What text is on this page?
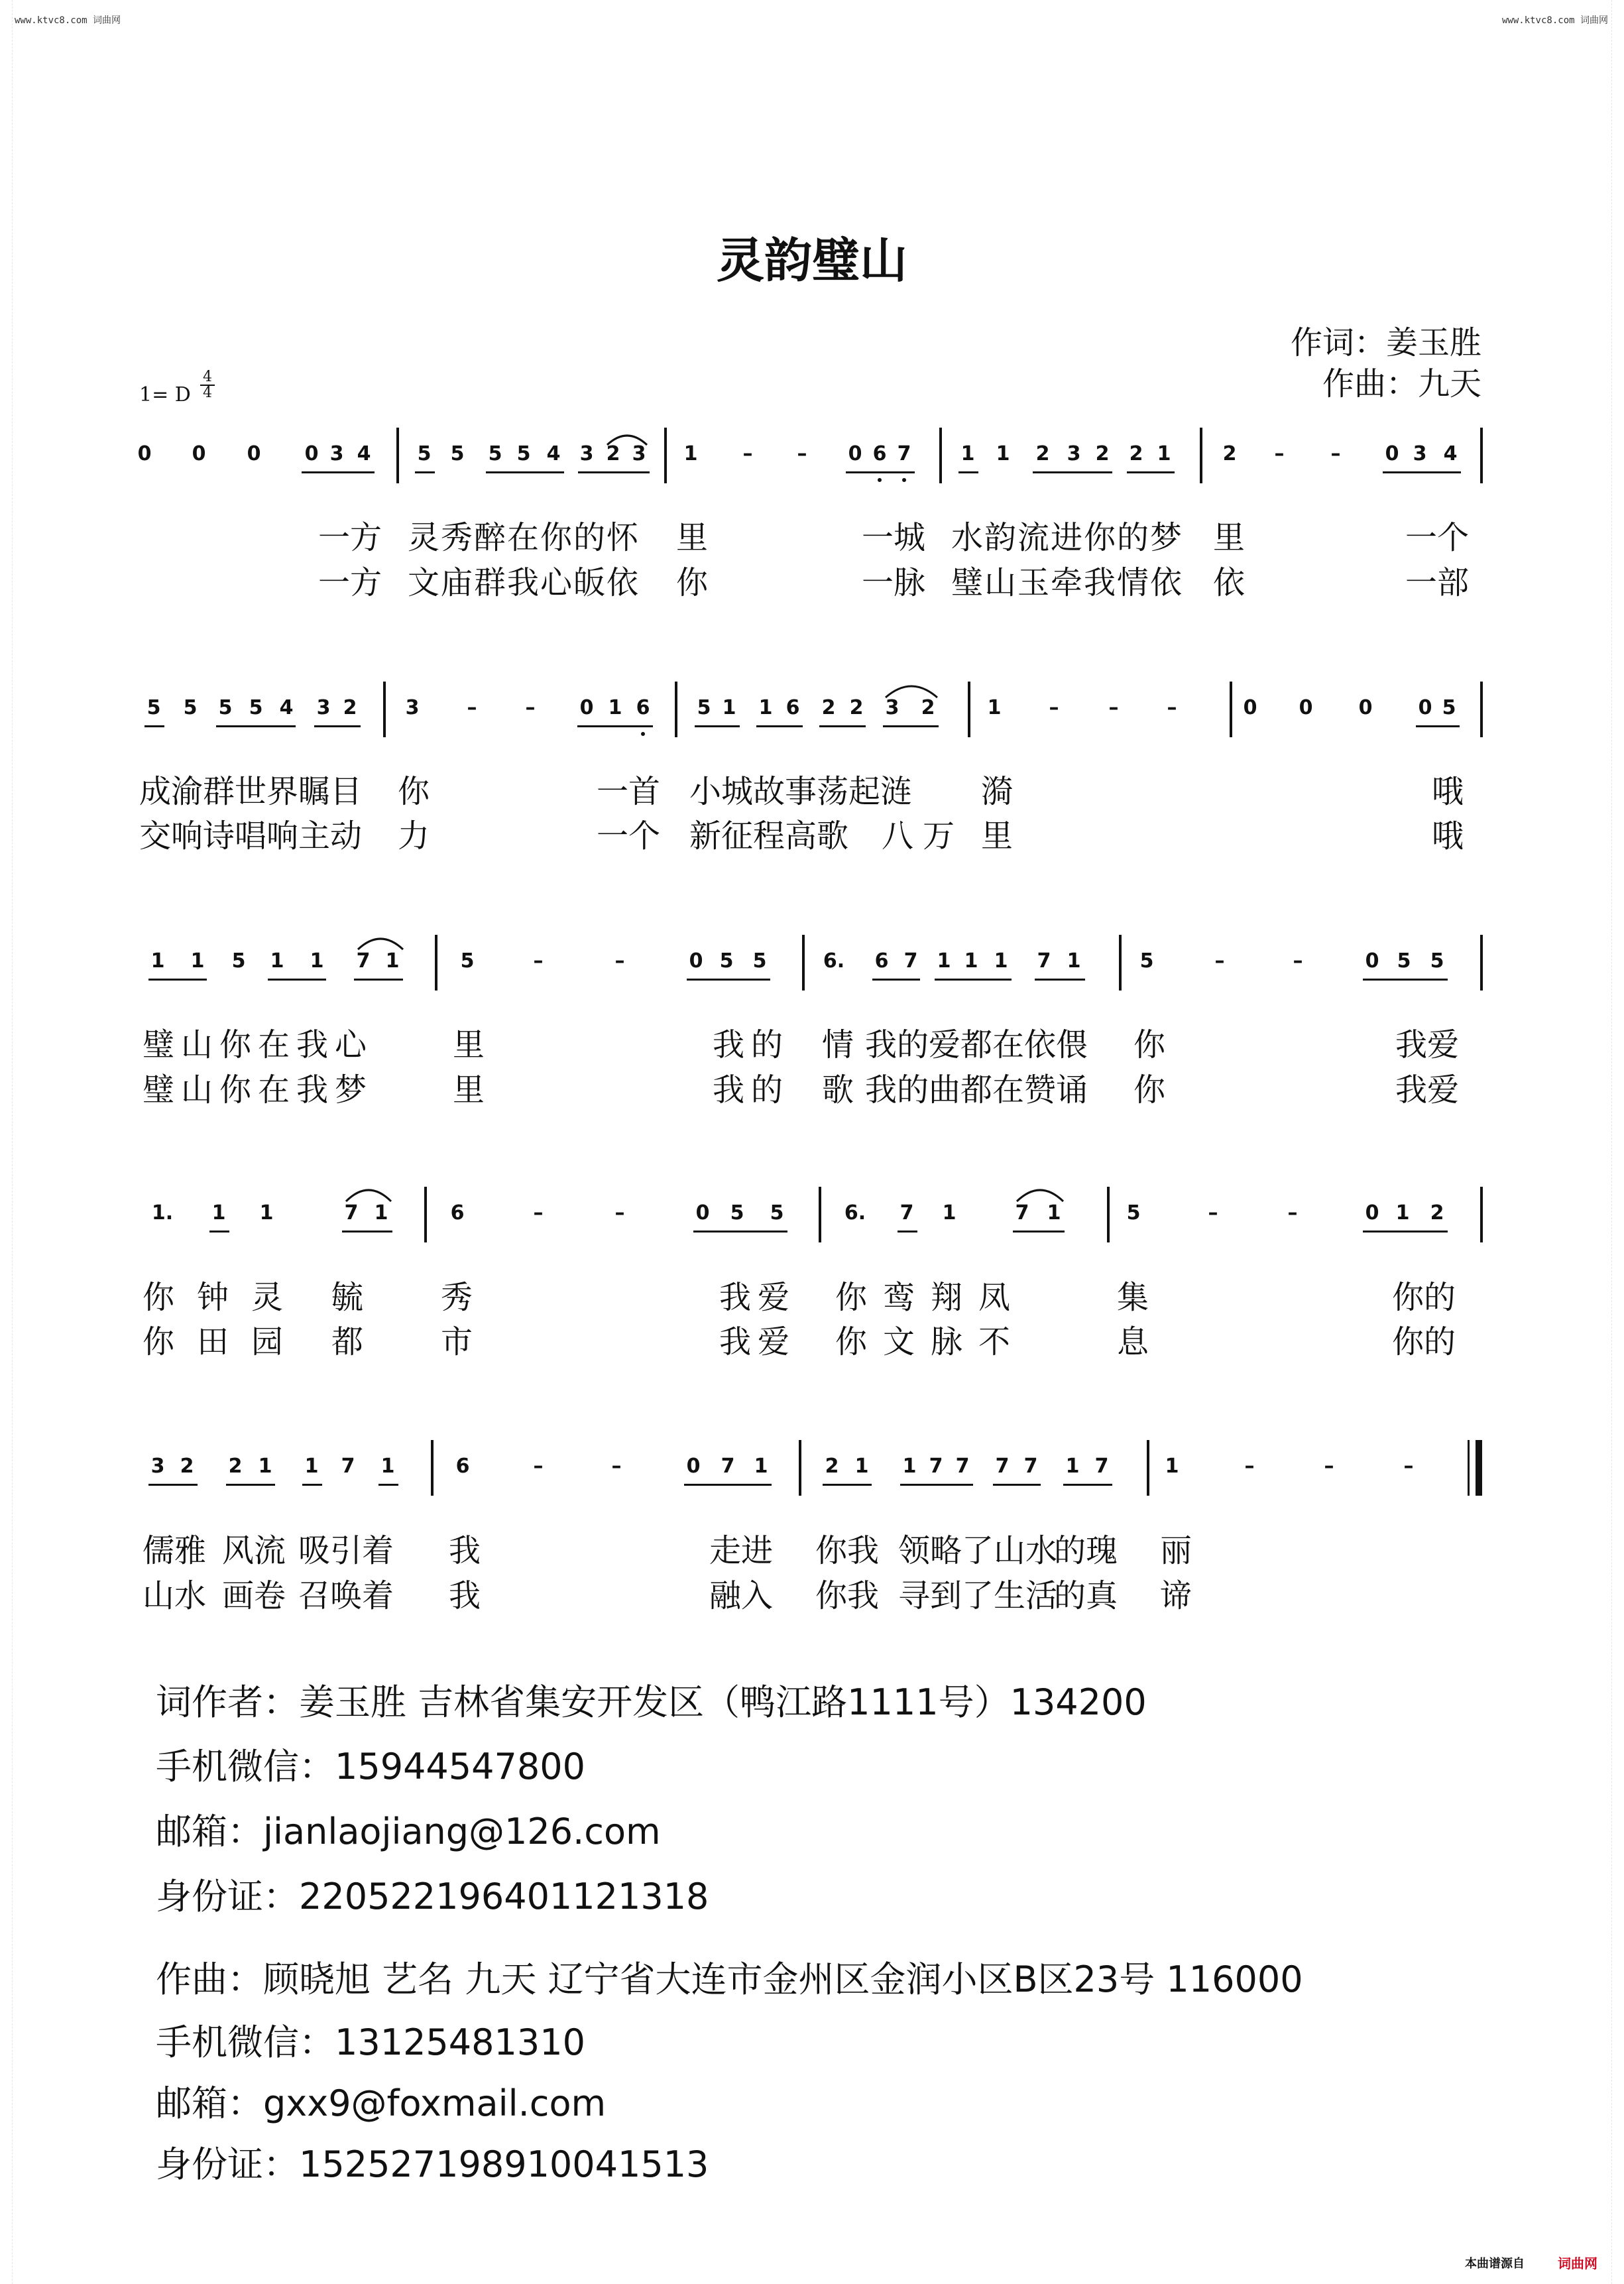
www.ktvc8.com 词曲网	www.ktvc8.com 词曲网
灵韵璧山
作词：姜玉胜
作曲：九天
1= D
4
4
0	0	0	0 3 4	5 5	5 5 4 3 2 3	1	–	–	0 6 7	1	1	2 3 2	2 1	2	–	–	0 3 4
一方 灵秀醉在你的怀 里	一城 水韵流进你的梦 里	一个
一方 文庙群我心皈依 你	一脉 璧山玉牵我情依 依	一部
5	5	5 5 4	3 2	3	–	–	0 1 6	5 1	1 6	2 2	3	2	1	–	–	–	0	0	0	0 5
成渝群世界瞩目 你	一首 小城故事荡起涟 漪	哦
交响诗唱响主动 力	一个 新征程高歌 八万 里	哦
1	1	5	1	1	7 1	5	–	–	0 5 5	6.	6 7 1 1 1	7 1	5	–	–	0 5 5
璧山你在我心 里	我的 情 我的爱都在依偎 你	我爱
璧山你在我梦 里	我的 歌 我的曲都在赞诵 你	我爱
1.	1	1	7 1	6	–	–	0	5	5	6.	7	1	7 1	5	–	–	0 1	2
你钟灵 毓 秀	我爱 你鸾翔凤	集	你的
你田园 都 市	我爱 你文脉不	息	你的
3 2	2 1	1	7	1	6	–	–	0	7 1	2 1	1 7 7	7 7	1 7	1	–	–	–
儒雅 风流 吸引着 我	走进 你我 领略了山水
的瑰 丽
山水 画卷 召唤着 我	融入 你我 寻到了生活
的真 谛
词作者：姜玉胜 吉林省集安开发区（鸭江路1111号）134200
手机微信：15944547800
邮箱：jianlaojiang@126.com
身份证：220522196401121318
作曲：顾晓旭 艺名 九天 辽宁省大连市金州区金润小区B区23号 116000
手机微信：13125481310
邮箱：gxx9@foxmail.com
身份证：152527198910041513
本曲谱源自	词曲网
